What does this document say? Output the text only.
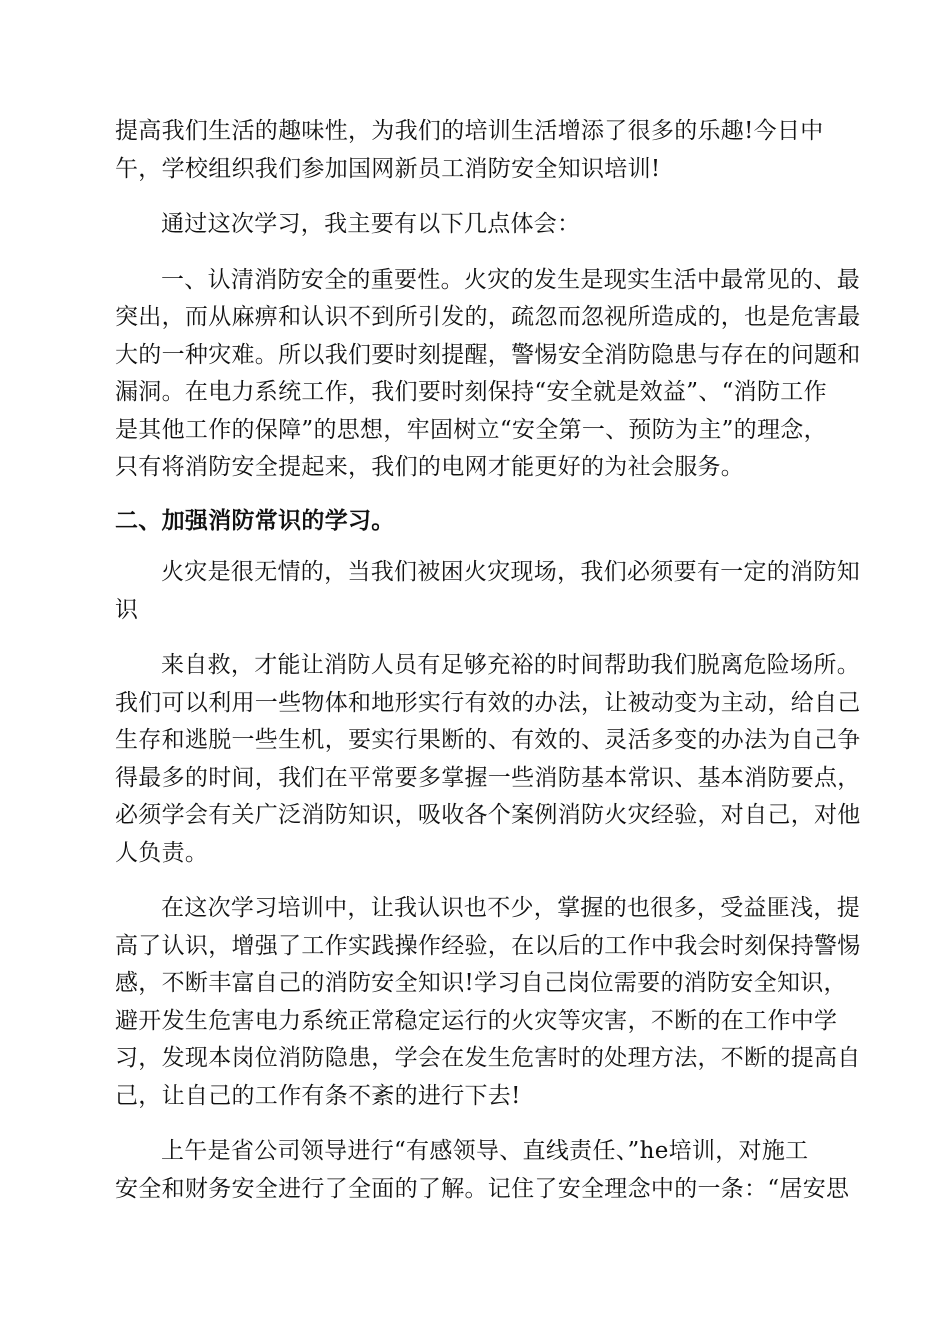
提高我们生活的趣味性，为我们的培训生活增添了很多的乐趣!今日中
午，学校组织我们参加国网新员工消防安全知识培训!

通过这次学习，我主要有以下几点体会：

一、认清消防安全的重要性。火灾的发生是现实生活中最常见的、最
突出，而从麻痹和认识不到所引发的，疏忽而忽视所造成的，也是危害最
大的一种灾难。所以我们要时刻提醒，警惕安全消防隐患与存在的问题和
漏洞。在电力系统工作，我们要时刻保持“安全就是效益”、“消防工作
是其他工作的保障”的思想，牢固树立“安全第一、预防为主”的理念，
只有将消防安全提起来，我们的电网才能更好的为社会服务。

二、加强消防常识的学习。

火灾是很无情的，当我们被困火灾现场，我们必须要有一定的消防知
识

来自救，才能让消防人员有足够充裕的时间帮助我们脱离危险场所。
我们可以利用一些物体和地形实行有效的办法，让被动变为主动，给自己
生存和逃脱一些生机，要实行果断的、有效的、灵活多变的办法为自己争
得最多的时间，我们在平常要多掌握一些消防基本常识、基本消防要点，
必须学会有关广泛消防知识，吸收各个案例消防火灾经验，对自己，对他
人负责。

在这次学习培训中，让我认识也不少，掌握的也很多，受益匪浅，提
高了认识，增强了工作实践操作经验，在以后的工作中我会时刻保持警惕
感，不断丰富自己的消防安全知识!学习自己岗位需要的消防安全知识，
避开发生危害电力系统正常稳定运行的火灾等灾害，不断的在工作中学
习，发现本岗位消防隐患，学会在发生危害时的处理方法，不断的提高自
己，让自己的工作有条不紊的进行下去!

上午是省公司领导进行“有感领导、直线责任、”he培训，对施工
安全和财务安全进行了全面的了解。记住了安全理念中的一条：“居安思
